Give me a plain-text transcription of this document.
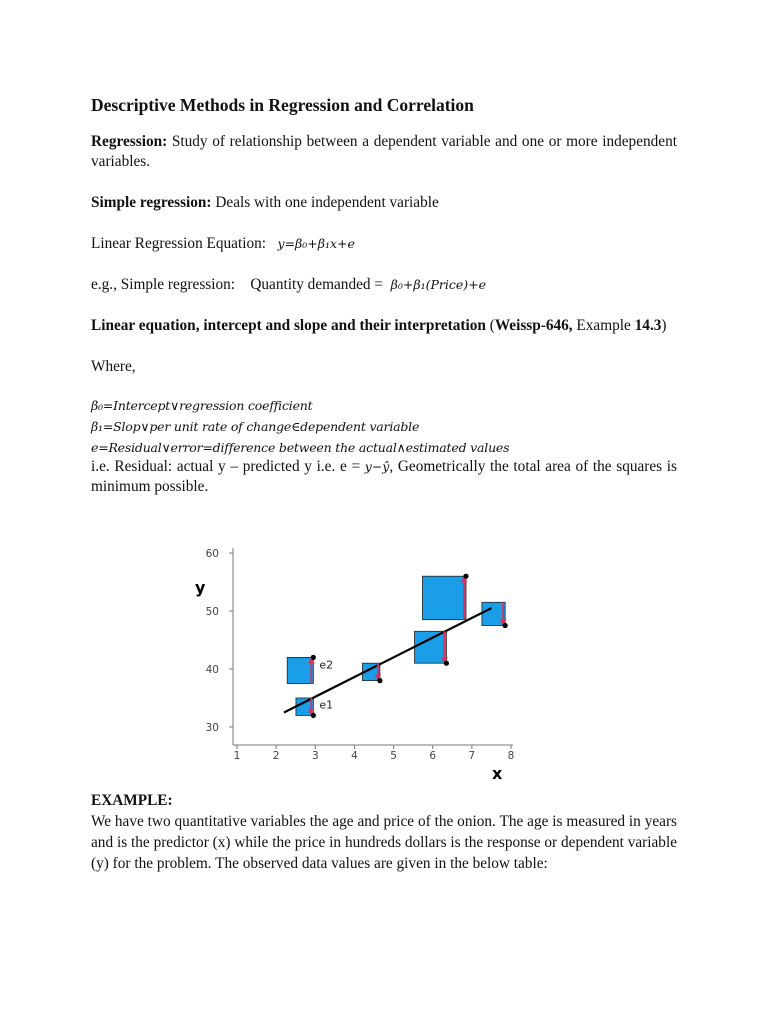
Descriptive Methods in Regression and Correlation

Regression: Study of relationship between a dependent variable and one or more independent variables.

Simple regression: Deals with one independent variable

Linear Regression Equation: y=β₀+β₁x+e

e.g., Simple regression: Quantity demanded = β₀+β₁(Price)+e

Linear equation, intercept and slope and their interpretation (Weissp-646, Example 14.3)

Where,

β₀=Intercept∨regression coefficient
β₁=Slop∨per unit rate of change∈dependent variable
e=Residual∨error=difference between the actual∧estimated values

i.e. Residual: actual y – predicted y i.e. e = y−ŷ, Geometrically the total area of the squares is minimum possible.

30
40
50
60
1	2	3	4	5	6	7	8
e1
e2
y
x
EXAMPLE:

We have two quantitative variables the age and price of the onion. The age is measured in years and is the predictor (x) while the price in hundreds dollars is the response or dependent variable (y) for the problem. The observed data values are given in the below table:
